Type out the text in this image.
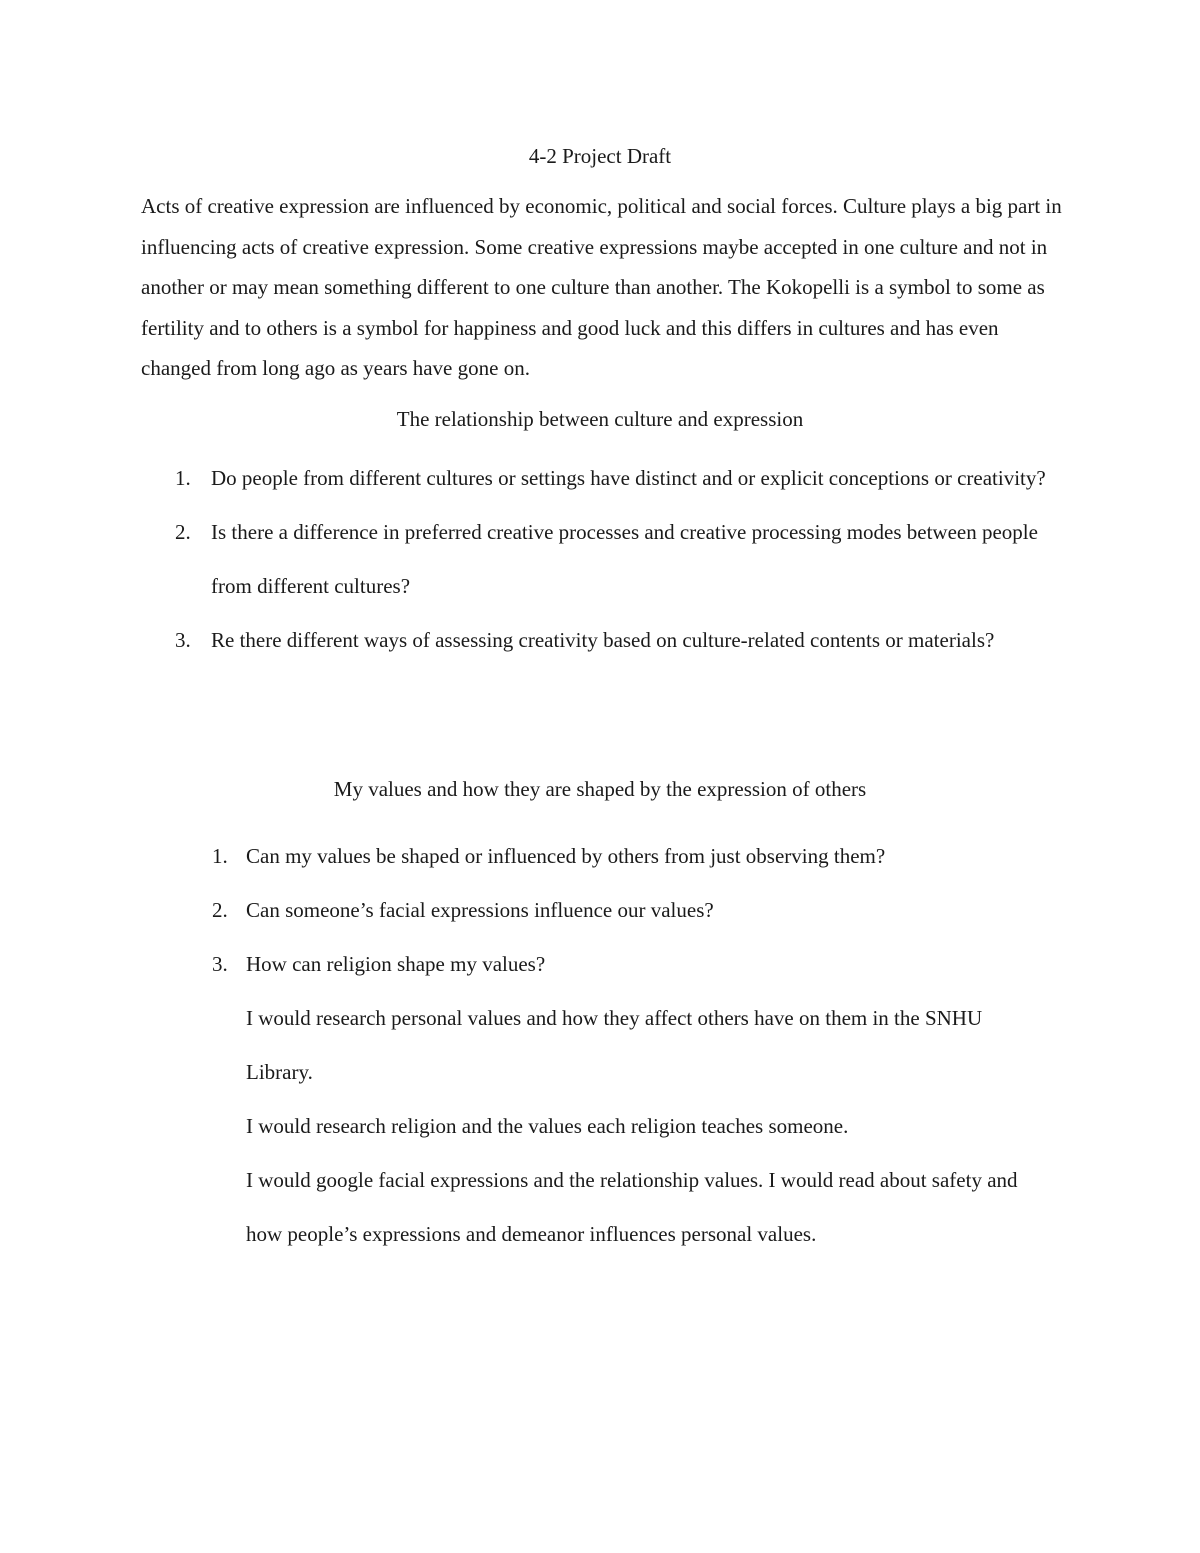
4-2 Project Draft

Acts of creative expression are influenced by economic, political and social forces. Culture plays a big part in influencing acts of creative expression. Some creative expressions maybe accepted in one culture and not in another or may mean something different to one culture than another. The Kokopelli is a symbol to some as fertility and to others is a symbol for happiness and good luck and this differs in cultures and has even changed from long ago as years have gone on.

The relationship between culture and expression
1. Do people from different cultures or settings have distinct and or explicit conceptions or creativity?
2. Is there a difference in preferred creative processes and creative processing modes between people from different cultures?
3. Re there different ways of assessing creativity based on culture-related contents or materials?
My values and how they are shaped by the expression of others
1. Can my values be shaped or influenced by others from just observing them?
2. Can someone’s facial expressions influence our values?
3. How can religion shape my values?

I would research personal values and how they affect others have on them in the SNHU Library.

I would research religion and the values each religion teaches someone.

I would google facial expressions and the relationship values. I would read about safety and how people’s expressions and demeanor influences personal values.
